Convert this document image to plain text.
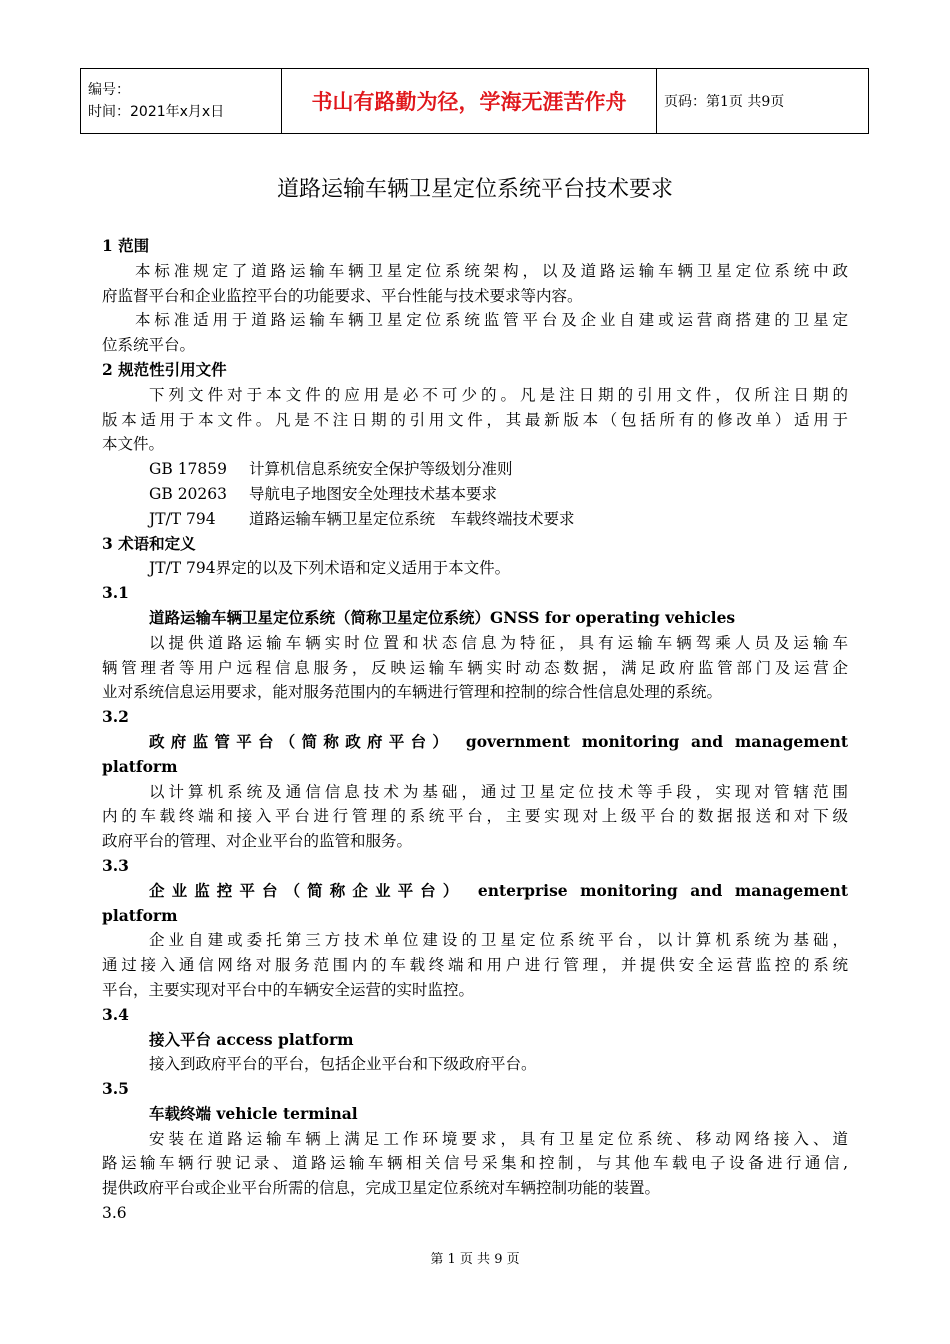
编号：
时间：2021年x月x日	书山有路勤为径，学海无涯苦作舟	页码：第1页 共9页
道路运输车辆卫星定位系统平台技术要求
1 范围
本标准规定了道路运输车辆卫星定位系统架构，以及道路运输车辆卫星定位系统中政
府监督平台和企业监控平台的功能要求、平台性能与技术要求等内容。
本标准适用于道路运输车辆卫星定位系统监管平台及企业自建或运营商搭建的卫星定
位系统平台。
2 规范性引用文件
下列文件对于本文件的应用是必不可少的。凡是注日期的引用文件，仅所注日期的
版本适用于本文件。凡是不注日期的引用文件，其最新版本（包括所有的修改单）适用于
本文件。
GB 17859 计算机信息系统安全保护等级划分准则
GB 20263 导航电子地图安全处理技术基本要求
JT/T 794 道路运输车辆卫星定位系统　车载终端技术要求
3 术语和定义
JT/T 794界定的以及下列术语和定义适用于本文件。
3.1
道路运输车辆卫星定位系统（简称卫星定位系统）GNSS for operating vehicles
以提供道路运输车辆实时位置和状态信息为特征，具有运输车辆驾乘人员及运输车
辆管理者等用户远程信息服务，反映运输车辆实时动态数据，满足政府监管部门及运营企
业对系统信息运用要求，能对服务范围内的车辆进行管理和控制的综合性信息处理的系统。
3.2
政府监管平台（简称政府平台） government monitoring and management
platform
以计算机系统及通信信息技术为基础，通过卫星定位技术等手段，实现对管辖范围
内的车载终端和接入平台进行管理的系统平台，主要实现对上级平台的数据报送和对下级
政府平台的管理、对企业平台的监管和服务。
3.3
企业监控平台（简称企业平台） enterprise monitoring and management
platform
企业自建或委托第三方技术单位建设的卫星定位系统平台，以计算机系统为基础，
通过接入通信网络对服务范围内的车载终端和用户进行管理，并提供安全运营监控的系统
平台，主要实现对平台中的车辆安全运营的实时监控。
3.4
接入平台 access platform
接入到政府平台的平台，包括企业平台和下级政府平台。
3.5
车载终端 vehicle terminal
安装在道路运输车辆上满足工作环境要求，具有卫星定位系统、移动网络接入、道
路运输车辆行驶记录、道路运输车辆相关信号采集和控制，与其他车载电子设备进行通信,
提供政府平台或企业平台所需的信息，完成卫星定位系统对车辆控制功能的装置。
3.6
第 1 页 共 9 页
